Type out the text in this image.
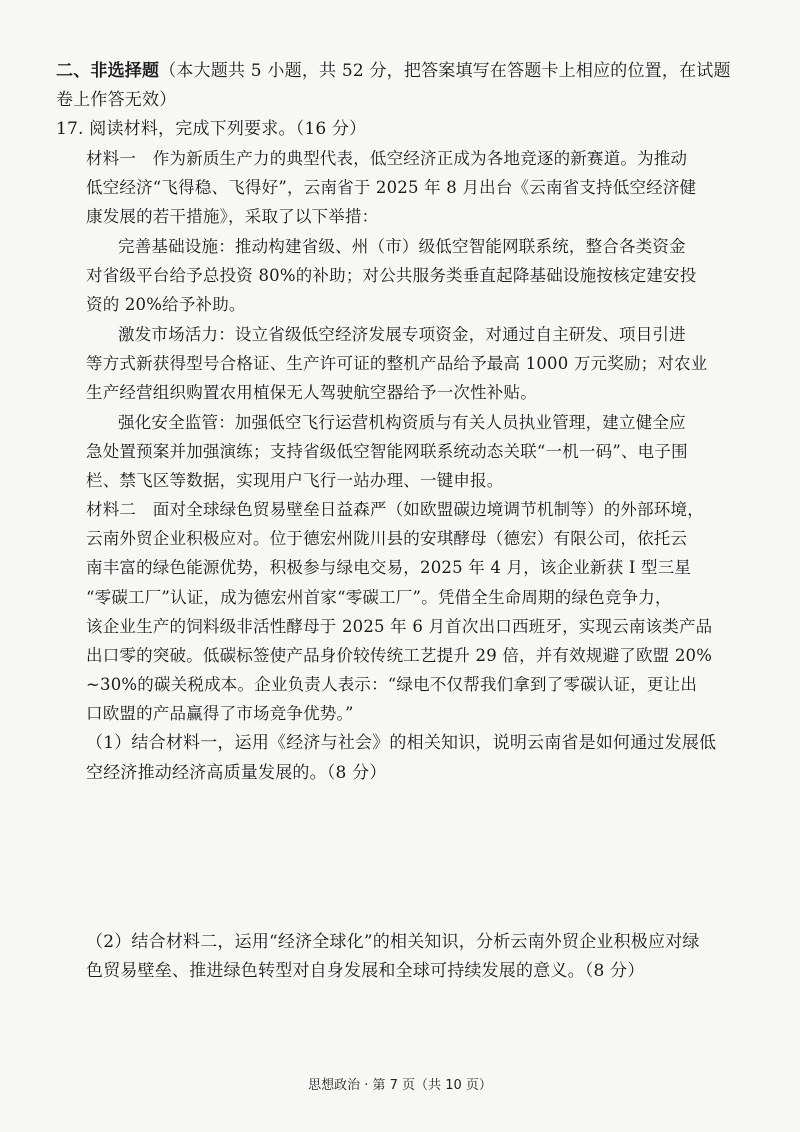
二、非选择题（本大题共 5 小题，共 52 分，把答案填写在答题卡上相应的位置，在试题
卷上作答无效）
17. 阅读材料，完成下列要求。（16 分）
材料一　作为新质生产力的典型代表，低空经济正成为各地竞逐的新赛道。为推动
低空经济“飞得稳、飞得好”，云南省于 2025 年 8 月出台《云南省支持低空经济健
康发展的若干措施》，采取了以下举措：
完善基础设施：推动构建省级、州（市）级低空智能网联系统，整合各类资金
对省级平台给予总投资 80%的补助；对公共服务类垂直起降基础设施按核定建安投
资的 20%给予补助。
激发市场活力：设立省级低空经济发展专项资金，对通过自主研发、项目引进
等方式新获得型号合格证、生产许可证的整机产品给予最高 1000 万元奖励；对农业
生产经营组织购置农用植保无人驾驶航空器给予一次性补贴。
强化安全监管：加强低空飞行运营机构资质与有关人员执业管理，建立健全应
急处置预案并加强演练；支持省级低空智能网联系统动态关联“一机一码”、电子围
栏、禁飞区等数据，实现用户飞行一站办理、一键申报。
材料二　面对全球绿色贸易壁垒日益森严（如欧盟碳边境调节机制等）的外部环境，
云南外贸企业积极应对。位于德宏州陇川县的安琪酵母（德宏）有限公司，依托云
南丰富的绿色能源优势，积极参与绿电交易，2025 年 4 月，该企业新获 Ⅰ 型三星
“零碳工厂”认证，成为德宏州首家“零碳工厂”。凭借全生命周期的绿色竞争力，
该企业生产的饲料级非活性酵母于 2025 年 6 月首次出口西班牙，实现云南该类产品
出口零的突破。低碳标签使产品身价较传统工艺提升 29 倍，并有效规避了欧盟 20%
~30%的碳关税成本。企业负责人表示：“绿电不仅帮我们拿到了零碳认证，更让出
口欧盟的产品赢得了市场竞争优势。”
（1）结合材料一，运用《经济与社会》的相关知识，说明云南省是如何通过发展低
空经济推动经济高质量发展的。（8 分）
（2）结合材料二，运用“经济全球化”的相关知识，分析云南外贸企业积极应对绿
色贸易壁垒、推进绿色转型对自身发展和全球可持续发展的意义。（8 分）
思想政治 · 第 7 页（共 10 页）
